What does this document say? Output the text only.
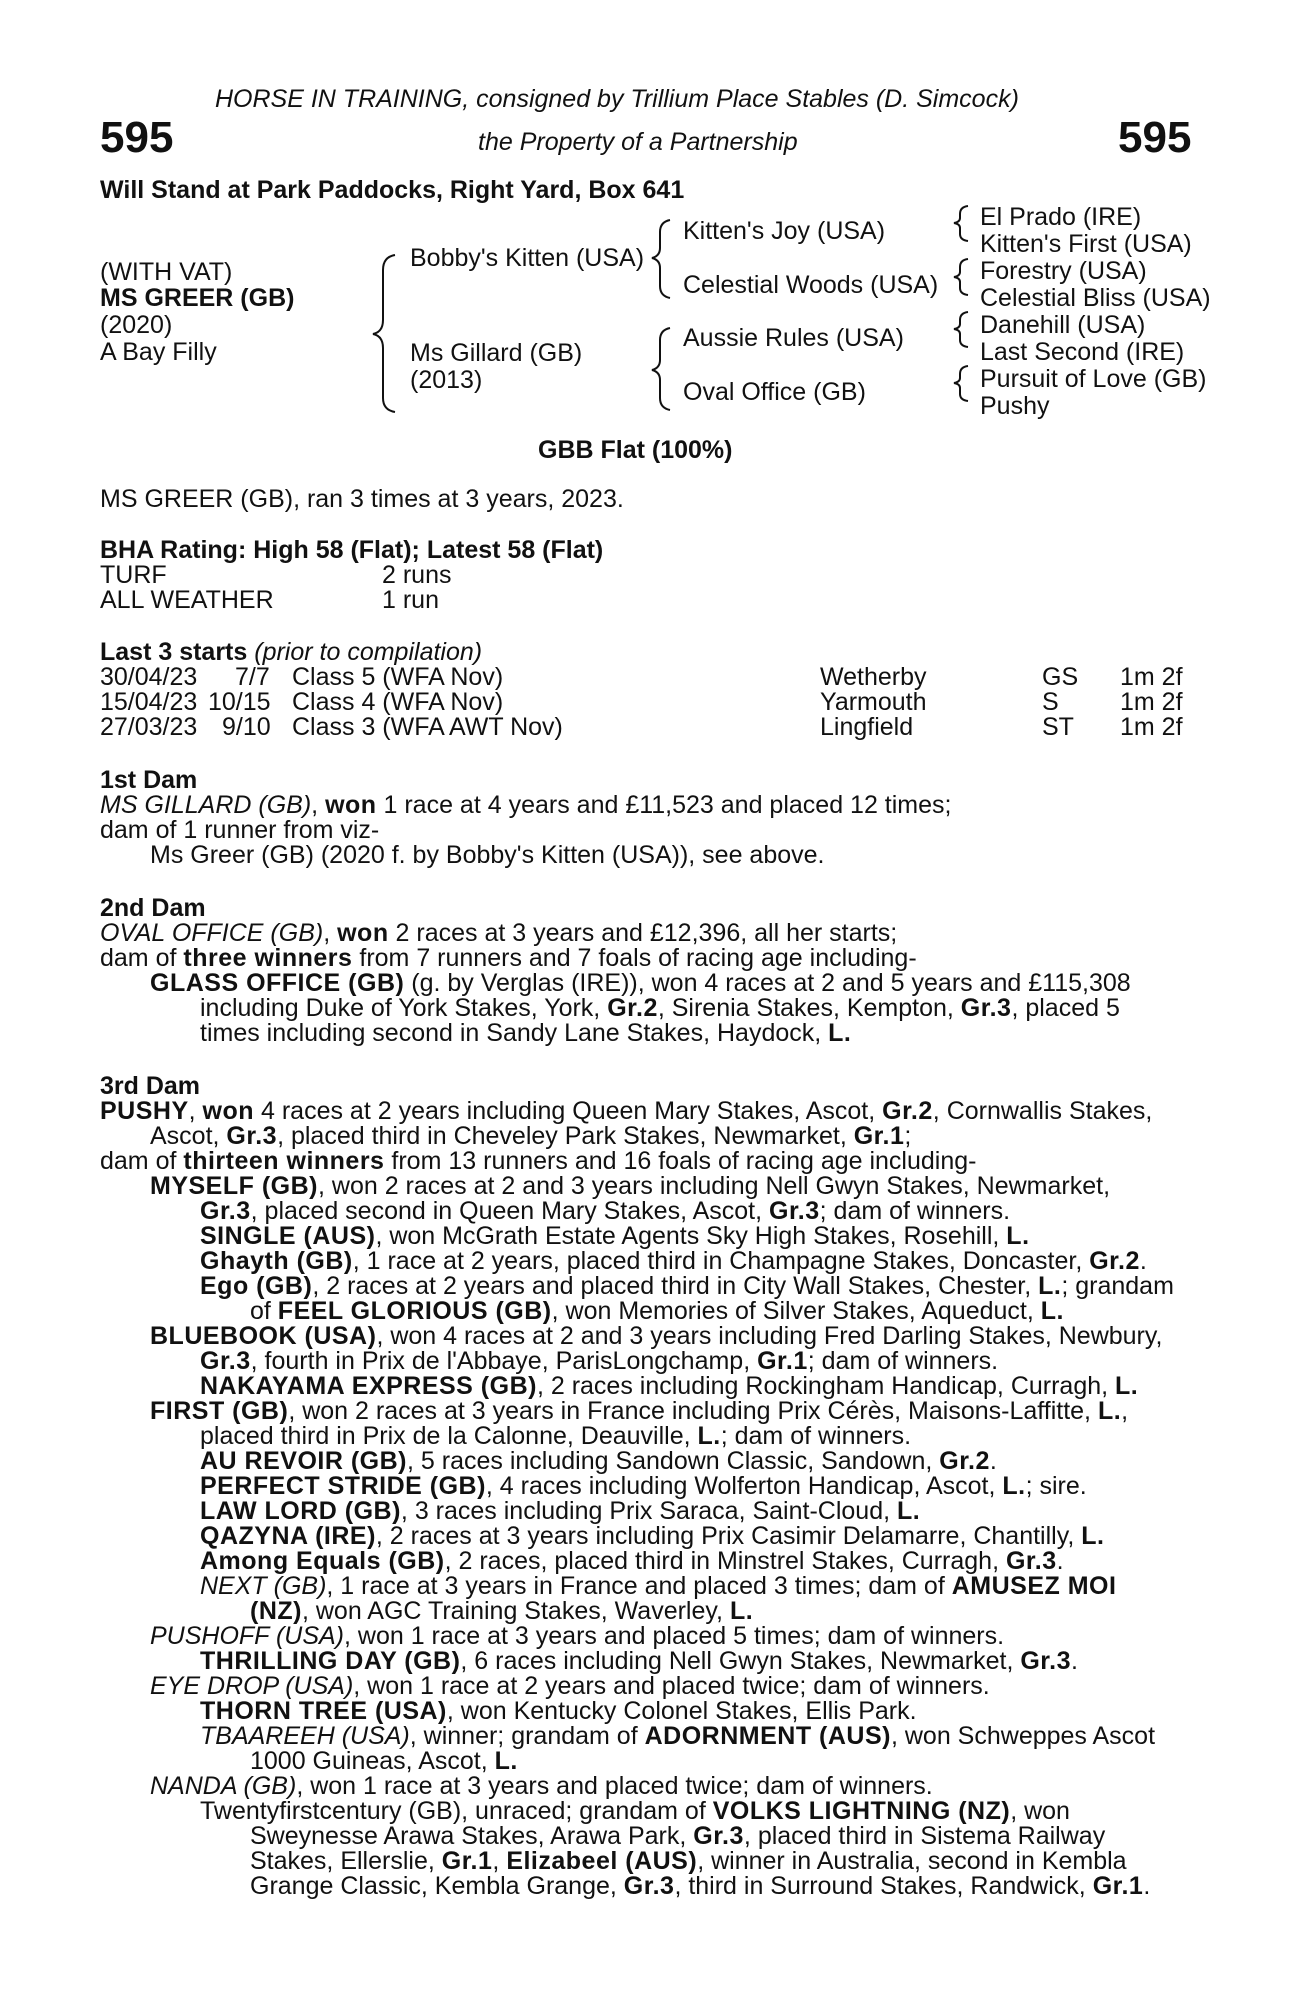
HORSE IN TRAINING, consigned by Trillium Place Stables (D. Simcock)
595	the Property of a Partnership	595
Will Stand at Park Paddocks, Right Yard, Box 641
(WITH VAT)
MS GREER (GB)
(2020)
A Bay Filly
Bobby's Kitten (USA)
Ms Gillard (GB)
(2013)
Kitten's Joy (USA)
Celestial Woods (USA)
Aussie Rules (USA)
Oval Office (GB)
El Prado (IRE)
Kitten's First (USA)
Forestry (USA)
Celestial Bliss (USA)
Danehill (USA)
Last Second (IRE)
Pursuit of Love (GB)
Pushy
GBB Flat (100%)
MS GREER (GB), ran 3 times at 3 years, 2023.
BHA Rating: High 58 (Flat); Latest 58 (Flat)
TURF	2 runs
ALL WEATHER	1 run
Last 3 starts (prior to compilation)
30/04/23 7/7 Class 5 (WFA Nov)	Wetherby	GS 1m 2f
15/04/23 10/15 Class 4 (WFA Nov)	Yarmouth	S 1m 2f
27/03/23 9/10 Class 3 (WFA AWT Nov)	Lingfield	ST 1m 2f
1st Dam
MS GILLARD (GB), won 1 race at 4 years and £11,523 and placed 12 times;
dam of 1 runner from viz-
Ms Greer (GB) (2020 f. by Bobby's Kitten (USA)), see above.
2nd Dam
OVAL OFFICE (GB), won 2 races at 3 years and £12,396, all her starts;
dam of three winners from 7 runners and 7 foals of racing age including-
GLASS OFFICE (GB) (g. by Verglas (IRE)), won 4 races at 2 and 5 years and £115,308
including Duke of York Stakes, York, Gr.2, Sirenia Stakes, Kempton, Gr.3, placed 5
times including second in Sandy Lane Stakes, Haydock, L.
3rd Dam
PUSHY, won 4 races at 2 years including Queen Mary Stakes, Ascot, Gr.2, Cornwallis Stakes,
Ascot, Gr.3, placed third in Cheveley Park Stakes, Newmarket, Gr.1;
dam of thirteen winners from 13 runners and 16 foals of racing age including-
MYSELF (GB), won 2 races at 2 and 3 years including Nell Gwyn Stakes, Newmarket,
Gr.3, placed second in Queen Mary Stakes, Ascot, Gr.3; dam of winners.
SINGLE (AUS), won McGrath Estate Agents Sky High Stakes, Rosehill, L.
Ghayth (GB), 1 race at 2 years, placed third in Champagne Stakes, Doncaster, Gr.2.
Ego (GB), 2 races at 2 years and placed third in City Wall Stakes, Chester, L.; grandam
of FEEL GLORIOUS (GB), won Memories of Silver Stakes, Aqueduct, L.
BLUEBOOK (USA), won 4 races at 2 and 3 years including Fred Darling Stakes, Newbury,
Gr.3, fourth in Prix de l'Abbaye, ParisLongchamp, Gr.1; dam of winners.
NAKAYAMA EXPRESS (GB), 2 races including Rockingham Handicap, Curragh, L.
FIRST (GB), won 2 races at 3 years in France including Prix Cérès, Maisons-Laffitte, L.,
placed third in Prix de la Calonne, Deauville, L.; dam of winners.
AU REVOIR (GB), 5 races including Sandown Classic, Sandown, Gr.2.
PERFECT STRIDE (GB), 4 races including Wolferton Handicap, Ascot, L.; sire.
LAW LORD (GB), 3 races including Prix Saraca, Saint-Cloud, L.
QAZYNA (IRE), 2 races at 3 years including Prix Casimir Delamarre, Chantilly, L.
Among Equals (GB), 2 races, placed third in Minstrel Stakes, Curragh, Gr.3.
NEXT (GB), 1 race at 3 years in France and placed 3 times; dam of AMUSEZ MOI
(NZ), won AGC Training Stakes, Waverley, L.
PUSHOFF (USA), won 1 race at 3 years and placed 5 times; dam of winners.
THRILLING DAY (GB), 6 races including Nell Gwyn Stakes, Newmarket, Gr.3.
EYE DROP (USA), won 1 race at 2 years and placed twice; dam of winners.
THORN TREE (USA), won Kentucky Colonel Stakes, Ellis Park.
TBAAREEH (USA), winner; grandam of ADORNMENT (AUS), won Schweppes Ascot
1000 Guineas, Ascot, L.
NANDA (GB), won 1 race at 3 years and placed twice; dam of winners.
Twentyfirstcentury (GB), unraced; grandam of VOLKS LIGHTNING (NZ), won
Sweynesse Arawa Stakes, Arawa Park, Gr.3, placed third in Sistema Railway
Stakes, Ellerslie, Gr.1, Elizabeel (AUS), winner in Australia, second in Kembla
Grange Classic, Kembla Grange, Gr.3, third in Surround Stakes, Randwick, Gr.1.
